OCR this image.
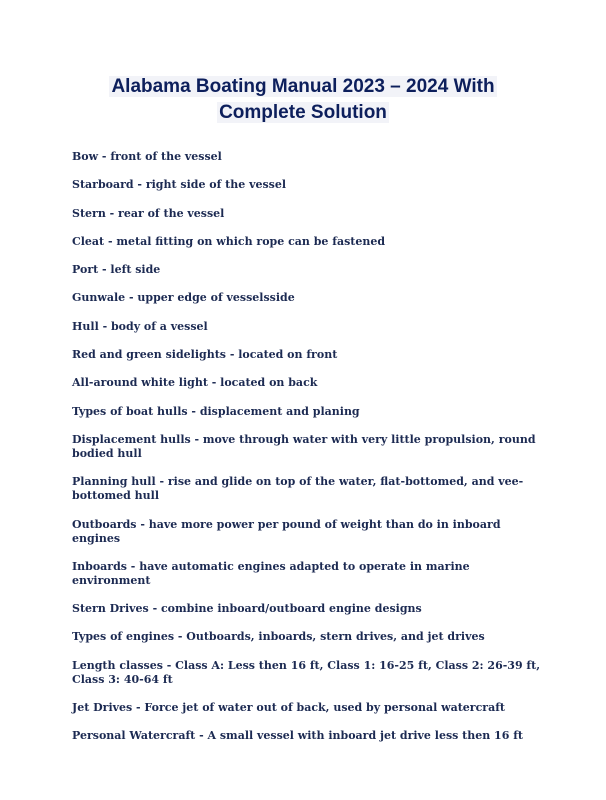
Alabama Boating Manual 2023 – 2024 With
Complete Solution
Bow - front of the vessel
Starboard - right side of the vessel
Stern - rear of the vessel
Cleat - metal fitting on which rope can be fastened
Port - left side
Gunwale - upper edge of vesselsside
Hull - body of a vessel
Red and green sidelights - located on front
All-around white light - located on back
Types of boat hulls - displacement and planing
Displacement hulls - move through water with very little propulsion, round bodied hull
Planning hull - rise and glide on top of the water, flat-bottomed, and vee-bottomed hull
Outboards - have more power per pound of weight than do in inboard engines
Inboards - have automatic engines adapted to operate in marine environment
Stern Drives - combine inboard/outboard engine designs
Types of engines - Outboards, inboards, stern drives, and jet drives
Length classes - Class A: Less then 16 ft, Class 1: 16-25 ft, Class 2: 26-39 ft, Class 3: 40-64 ft
Jet Drives - Force jet of water out of back, used by personal watercraft
Personal Watercraft - A small vessel with inboard jet drive less then 16 ft
